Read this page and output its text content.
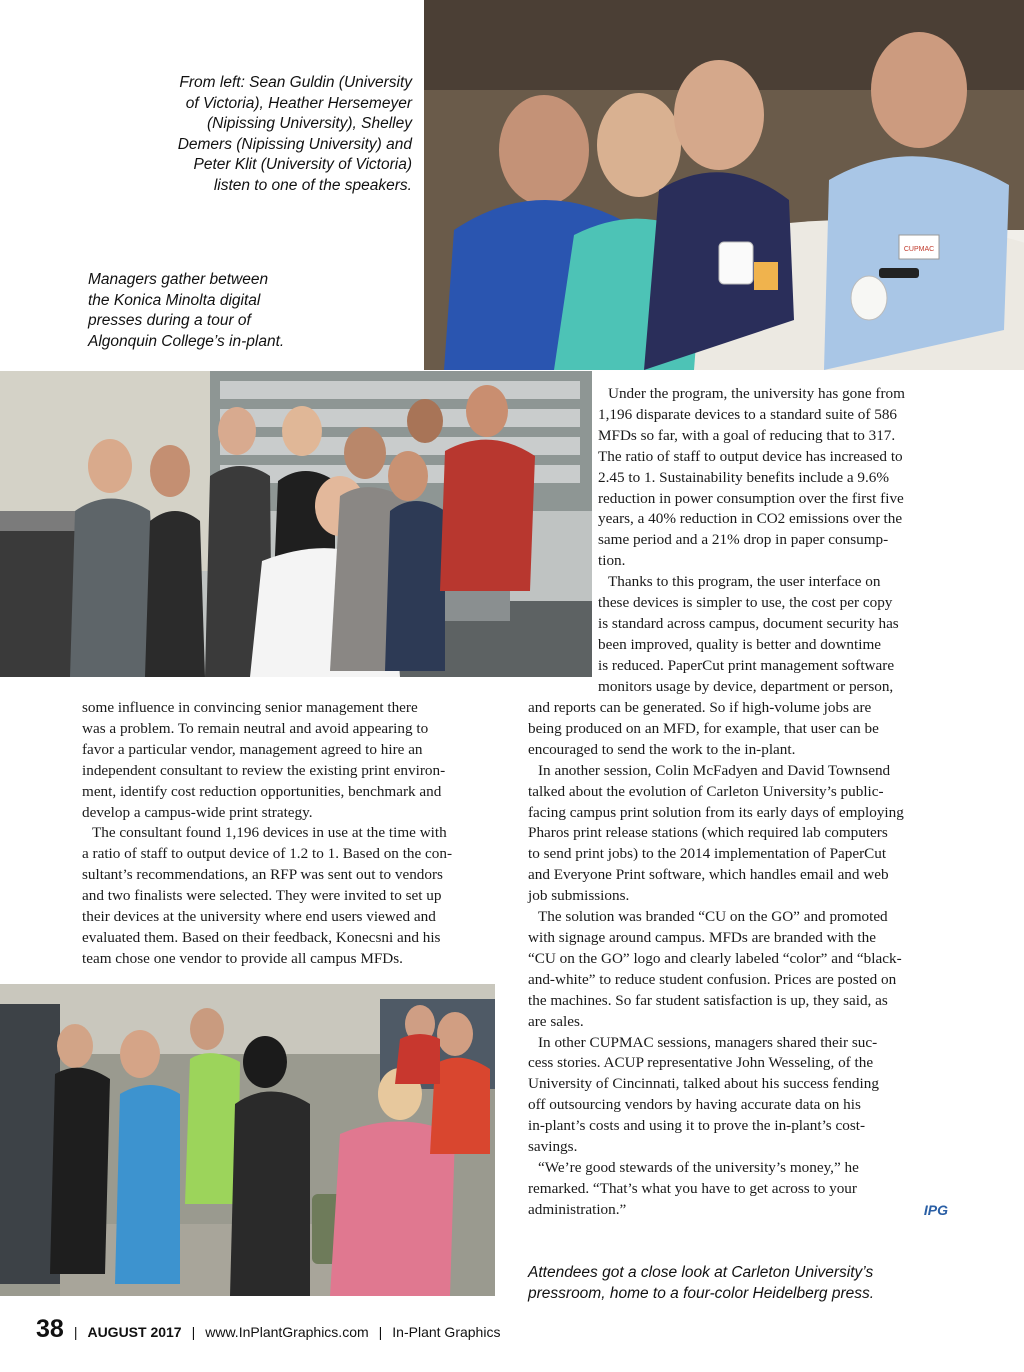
CUPMAC
From left: Sean Guldin (University
of Victoria), Heather Hersemeyer
(Nipissing University), Shelley
Demers (Nipissing University) and
Peter Klit (University of Victoria)
listen to one of the speakers.
Managers gather between
the Konica Minolta digital
presses during a tour of
Algonquin College’s in-plant.
Under the program, the university has gone from
1,196 disparate devices to a standard suite of 586
MFDs so far, with a goal of reducing that to 317.
The ratio of staff to output device has increased to
2.45 to 1. Sustainability benefits include a 9.6%
reduction in power consumption over the first five
years, a 40% reduction in CO2 emissions over the
same period and a 21% drop in paper consump-
tion.
Thanks to this program, the user interface on
these devices is simpler to use, the cost per copy
is standard across campus, document security has
been improved, quality is better and downtime
is reduced. PaperCut print management software
monitors usage by device, department or person,
some influence in convincing senior management there
was a problem. To remain neutral and avoid appearing to
favor a particular vendor, management agreed to hire an
independent consultant to review the existing print environ-
ment, identify cost reduction opportunities, benchmark and
develop a campus-wide print strategy.
The consultant found 1,196 devices in use at the time with
a ratio of staff to output device of 1.2 to 1. Based on the con-
sultant’s recommendations, an RFP was sent out to vendors
and two finalists were selected. They were invited to set up
their devices at the university where end users viewed and
evaluated them. Based on their feedback, Konecsni and his
team chose one vendor to provide all campus MFDs.
and reports can be generated. So if high-volume jobs are
being produced on an MFD, for example, that user can be
encouraged to send the work to the in-plant.
In another session, Colin McFadyen and David Townsend
talked about the evolution of Carleton University’s public-
facing campus print solution from its early days of employing
Pharos print release stations (which required lab computers
to send print jobs) to the 2014 implementation of PaperCut
and Everyone Print software, which handles email and web
job submissions.
The solution was branded “CU on the GO” and promoted
with signage around campus. MFDs are branded with the
“CU on the GO” logo and clearly labeled “color” and “black-
and-white” to reduce student confusion. Prices are posted on
the machines. So far student satisfaction is up, they said, as
are sales.
In other CUPMAC sessions, managers shared their suc-
cess stories. ACUP representative John Wesseling, of the
University of Cincinnati, talked about his success fending
off outsourcing vendors by having accurate data on his
in-plant’s costs and using it to prove the in-plant’s cost-
savings.
“We’re good stewards of the university’s money,” he
remarked. “That’s what you have to get across to your
administration.”	IPG
Attendees got a close look at Carleton University’s
pressroom, home to a four-color Heidelberg press.
38 | AUGUST 2017 | www.InPlantGraphics.com | In-Plant Graphics
